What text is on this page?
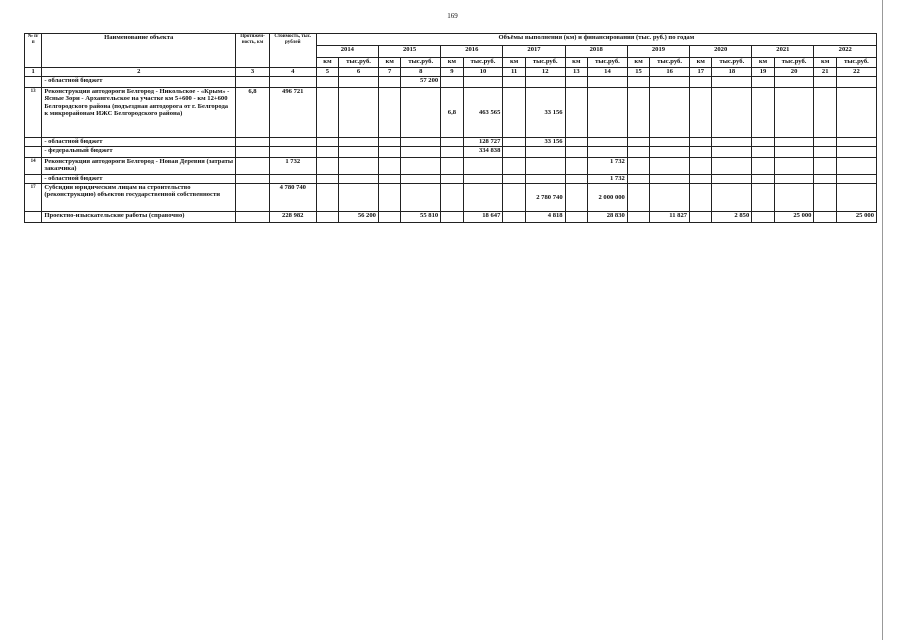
169
№ п/п	Наименование объекта	Протяжён- ность, км	Стоимость, тыс. рублей	Объёмы выполнения (км) и финансирования (тыс. руб.) по годам																	
				2014		2015		2016		2017		2018		2019		2020		2021		2022	
				км	тыс.руб.	км	тыс.руб.	км	тыс.руб.	км	тыс.руб.	км	тыс.руб.	км	тыс.руб.	км	тыс.руб.	км	тыс.руб.	км	тыс.руб.
1	2	3	4	5	6	7	8	9	10	11	12	13	14	15	16	17	18	19	20	21	22
	- областной бюджет						57 200														
13	Реконструкция автодороги Белгород - Никольское - «Крым» - Ясные Зори - Архангельское на участке км 5+600 - км 12+600 Белгородского района (подъездная автодорога от г. Белгорода к микрорайонам ИЖС Белгородского района)	6,8	496 721					6,8	463 565		33 156										
	- областной бюджет								128 727		33 156										
	- федеральный бюджет								334 838												
14	Реконструкция автодороги Белгород - Новая Деревня (затраты заказчика)		1 732										1 732								
	- областной бюджет												1 732								
17	Субсидии юридическим лицам на строительство (реконструкцию) объектов государственной собственности		4 780 740								2 780 740		2 000 000								
	Проектно-изыскательские работы (справочно)		228 982		56 200		55 810		18 647		4 818		28 830		11 827		2 850		25 000		25 000
